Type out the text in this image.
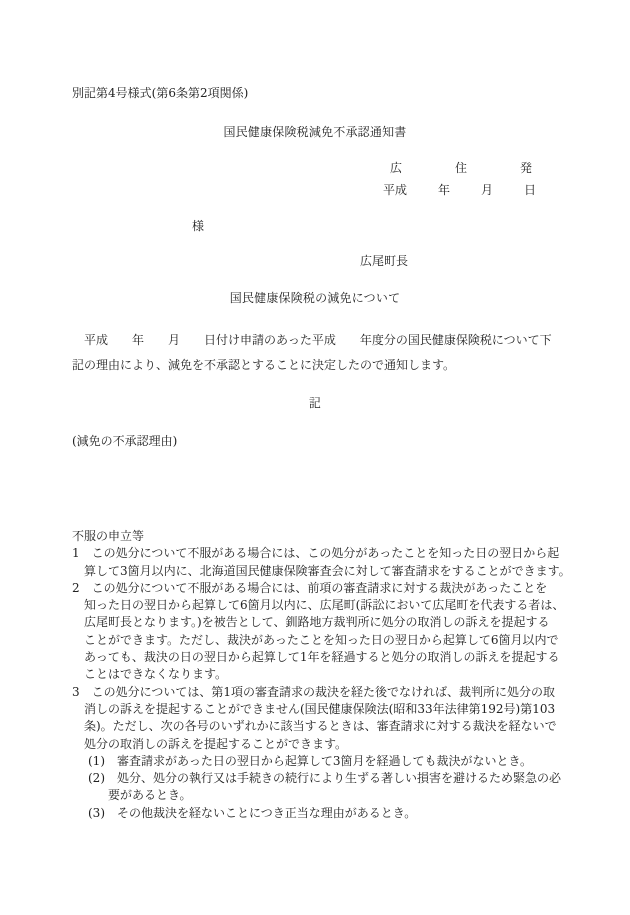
別記第4号様式(第6条第2項関係)
国民健康保険税減免不承認通知書
広	住	発
平成	年	月	日
様
広尾町長
国民健康保険税の減免について
　平成　　年　　月　　日付け申請のあった平成　　年度分の国民健康保険税について下
記の理由により、減免を不承認とすることに決定したので通知します。
記
(減免の不承認理由)
不服の申立等
1　この処分について不服がある場合には、この処分があったことを知った日の翌日から起
算して3箇月以内に、北海道国民健康保険審査会に対して審査請求をすることができます。
2　この処分について不服がある場合には、前項の審査請求に対する裁決があったことを
知った日の翌日から起算して6箇月以内に、広尾町(訴訟において広尾町を代表する者は、
広尾町長となります。)を被告として、釧路地方裁判所に処分の取消しの訴えを提起する
ことができます。ただし、裁決があったことを知った日の翌日から起算して6箇月以内で
あっても、裁決の日の翌日から起算して1年を経過すると処分の取消しの訴えを提起する
ことはできなくなります。
3　この処分については、第1項の審査請求の裁決を経た後でなければ、裁判所に処分の取
消しの訴えを提起することができません(国民健康保険法(昭和33年法律第192号)第103
条)。ただし、次の各号のいずれかに該当するときは、審査請求に対する裁決を経ないで
処分の取消しの訴えを提起することができます。
(1)　審査請求があった日の翌日から起算して3箇月を経過しても裁決がないとき。
(2)　処分、処分の執行又は手続きの続行により生ずる著しい損害を避けるため緊急の必
要があるとき。
(3)　その他裁決を経ないことにつき正当な理由があるとき。
